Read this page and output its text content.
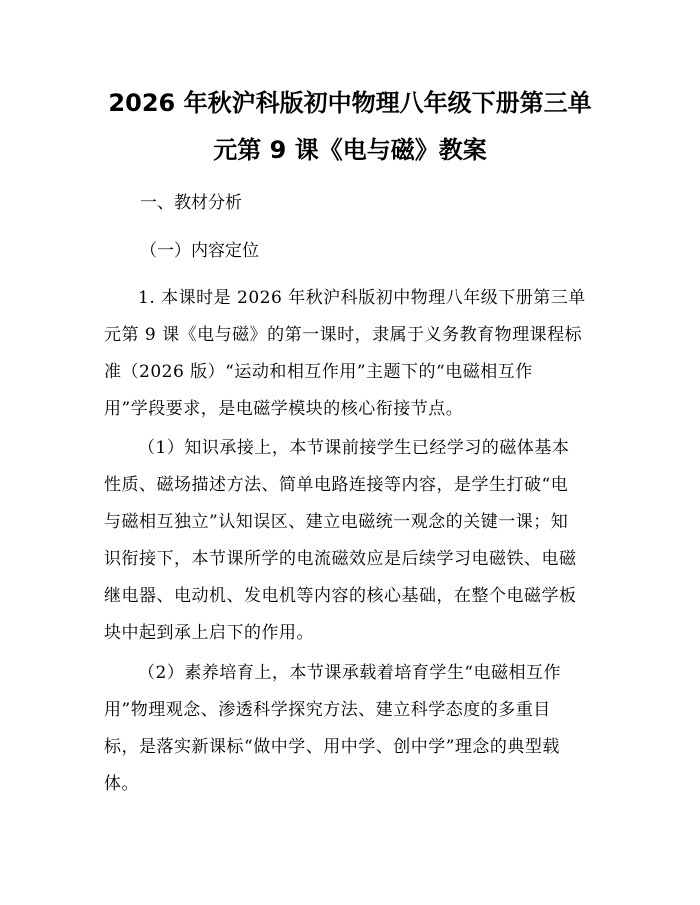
2026 年秋沪科版初中物理八年级下册第三单
元第 9 课《电与磁》教案
一、教材分析
（一）内容定位
1. 本课时是 2026 年秋沪科版初中物理八年级下册第三单
元第 9 课《电与磁》的第一课时，隶属于义务教育物理课程标
准（2026 版）“运动和相互作用”主题下的“电磁相互作
用”学段要求，是电磁学模块的核心衔接节点。
（1）知识承接上，本节课前接学生已经学习的磁体基本
性质、磁场描述方法、简单电路连接等内容，是学生打破“电
与磁相互独立”认知误区、建立电磁统一观念的关键一课；知
识衔接下，本节课所学的电流磁效应是后续学习电磁铁、电磁
继电器、电动机、发电机等内容的核心基础，在整个电磁学板
块中起到承上启下的作用。
（2）素养培育上，本节课承载着培育学生“电磁相互作
用”物理观念、渗透科学探究方法、建立科学态度的多重目
标，是落实新课标“做中学、用中学、创中学”理念的典型载
体。
